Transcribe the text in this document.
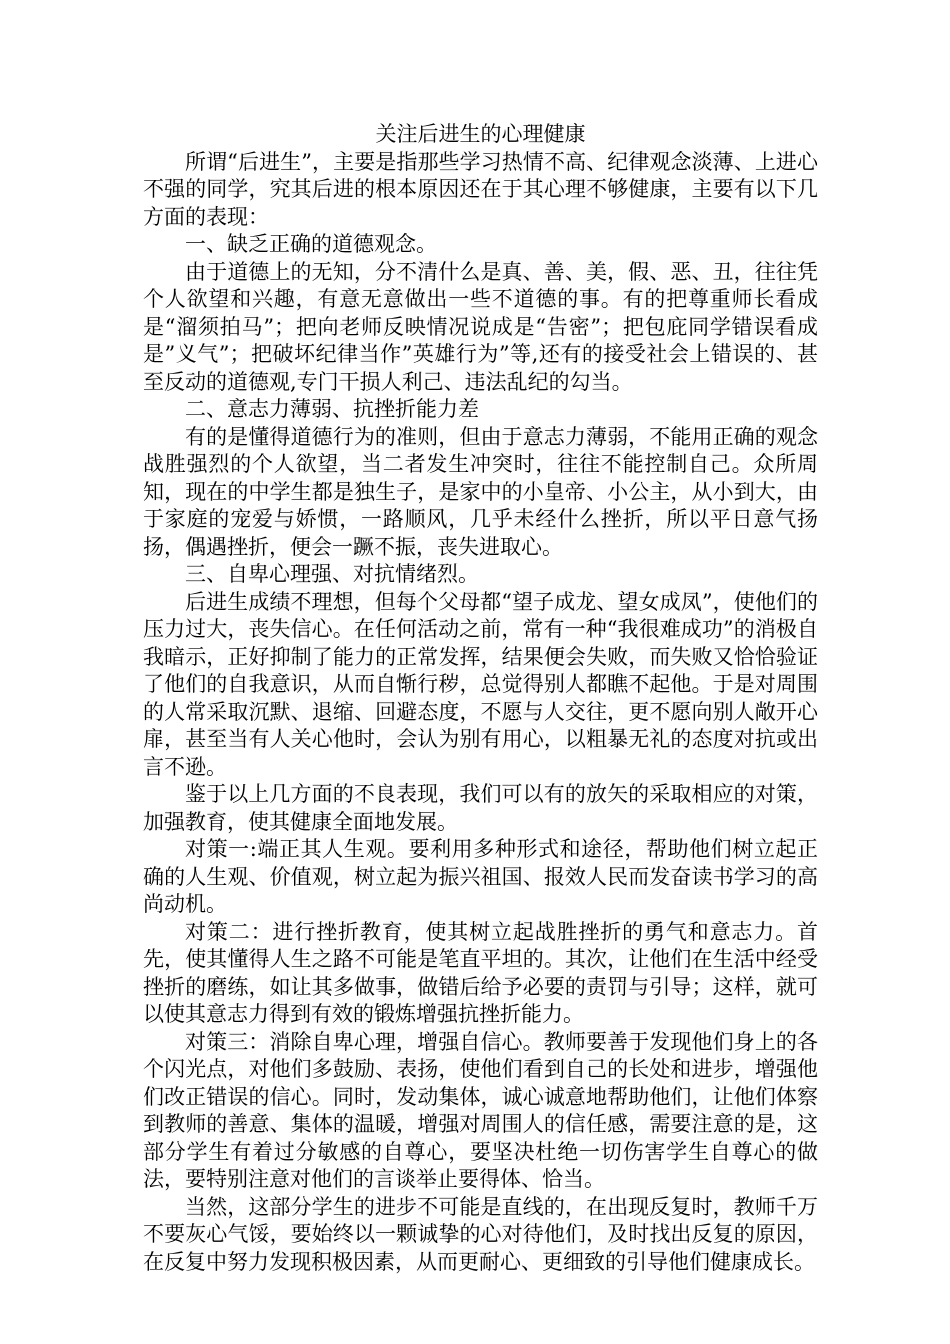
关注后进生的心理健康

所谓“后进生”，主要是指那些学习热情不高、纪律观念淡薄、上进心不强的同学，究其后进的根本原因还在于其心理不够健康，主要有以下几方面的表现：

一、缺乏正确的道德观念。

由于道德上的无知，分不清什么是真、善、美，假、恶、丑，往往凭个人欲望和兴趣，有意无意做出一些不道德的事。有的把尊重师长看成是“溜须拍马”；把向老师反映情况说成是“告密”；把包庇同学错误看成是”义气”；把破坏纪律当作”英雄行为”等,还有的接受社会上错误的、甚至反动的道德观,专门干损人利己、违法乱纪的勾当。

二、意志力薄弱、抗挫折能力差

有的是懂得道德行为的准则，但由于意志力薄弱，不能用正确的观念战胜强烈的个人欲望，当二者发生冲突时，往往不能控制自己。众所周知，现在的中学生都是独生子，是家中的小皇帝、小公主，从小到大，由于家庭的宠爱与娇惯，一路顺风，几乎未经什么挫折，所以平日意气扬扬，偶遇挫折，便会一蹶不振，丧失进取心。

三、自卑心理强、对抗情绪烈。

后进生成绩不理想，但每个父母都“望子成龙、望女成凤”，使他们的压力过大，丧失信心。在任何活动之前，常有一种“我很难成功”的消极自我暗示，正好抑制了能力的正常发挥，结果便会失败，而失败又恰恰验证了他们的自我意识，从而自惭行秽，总觉得别人都瞧不起他。于是对周围的人常采取沉默、退缩、回避态度，不愿与人交往，更不愿向别人敞开心扉，甚至当有人关心他时，会认为别有用心，以粗暴无礼的态度对抗或出言不逊。

鉴于以上几方面的不良表现，我们可以有的放矢的采取相应的对策，加强教育，使其健康全面地发展。

对策一:端正其人生观。要利用多种形式和途径，帮助他们树立起正确的人生观、价值观，树立起为振兴祖国、报效人民而发奋读书学习的高尚动机。

对策二：进行挫折教育，使其树立起战胜挫折的勇气和意志力。首先，使其懂得人生之路不可能是笔直平坦的。其次，让他们在生活中经受挫折的磨练，如让其多做事，做错后给予必要的责罚与引导；这样，就可以使其意志力得到有效的锻炼增强抗挫折能力。

对策三：消除自卑心理，增强自信心。教师要善于发现他们身上的各个闪光点，对他们多鼓励、表扬，使他们看到自己的长处和进步，增强他们改正错误的信心。同时，发动集体，诚心诚意地帮助他们，让他们体察到教师的善意、集体的温暖，增强对周围人的信任感，需要注意的是，这部分学生有着过分敏感的自尊心，要坚决杜绝一切伤害学生自尊心的做法，要特别注意对他们的言谈举止要得体、恰当。

当然，这部分学生的进步不可能是直线的，在出现反复时，教师千万不要灰心气馁，要始终以一颗诚挚的心对待他们，及时找出反复的原因，在反复中努力发现积极因素，从而更耐心、更细致的引导他们健康成长。
